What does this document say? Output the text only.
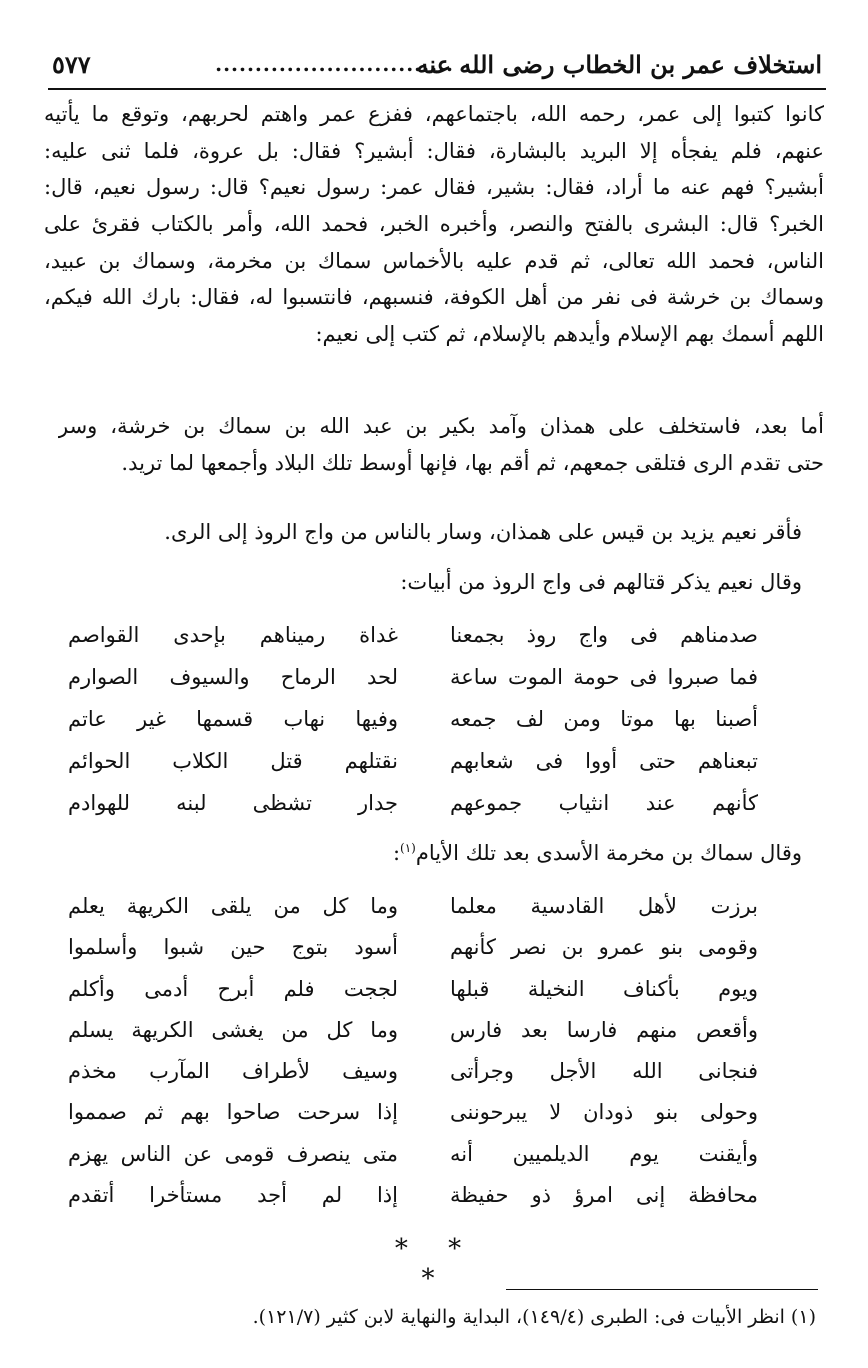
استخلاف عمر بن الخطاب رضى الله عنه
..............................
٥٧٧
كانوا كتبوا إلى عمر، رحمه الله، باجتماعهم، ففزع عمر واهتم لحربهم، وتوقع ما يأتيه
عنهم، فلم يفجأه إلا البريد بالبشارة، فقال: أبشير؟ فقال: بل عروة، فلما ثنى عليه:
أبشير؟ فهم عنه ما أراد، فقال: بشير، فقال عمر: رسول نعيم؟ قال: رسول نعيم، قال:
الخبر؟ قال: البشرى بالفتح والنصر، وأخبره الخبر، فحمد الله، وأمر بالكتاب فقرئ على
الناس، فحمد الله تعالى، ثم قدم عليه بالأخماس سماك بن مخرمة، وسماك بن عبيد،
وسماك بن خرشة فى نفر من أهل الكوفة، فنسبهم، فانتسبوا له، فقال: بارك الله فيكم،
اللهم أسمك بهم الإسلام وأيدهم بالإسلام، ثم كتب إلى نعيم:
أما بعد، فاستخلف على همذان وآمد بكير بن عبد الله بن سماك بن خرشة، وسر
حتى تقدم الرى فتلقى جمعهم، ثم أقم بها، فإنها أوسط تلك البلاد وأجمعها لما تريد.
فأقر نعيم يزيد بن قيس على همذان، وسار بالناس من واج الروذ إلى الرى.
وقال نعيم يذكر قتالهم فى واج الروذ من أبيات:
صدمناهم فى واج روذ بجمعنا
غداة رميناهم بإحدى القواصم
فما صبروا فى حومة الموت ساعة
لحد الرماح والسيوف الصوارم
أصبنا بها موتا ومن لف جمعه
وفيها نهاب قسمها غير عاتم
تبعناهم حتى أووا فى شعابهم
نقتلهم قتل الكلاب الحوائم
كأنهم عند انثياب جموعهم
جدار تشظى لبنه للهوادم
وقال سماك بن مخرمة الأسدى بعد تلك الأيام$^{(١)}$:
برزت لأهل القادسية معلما
وما كل من يلقى الكريهة يعلم
وقومى بنو عمرو بن نصر كأنهم
أسود بتوج حين شبوا وأسلموا
ويوم بأكناف النخيلة قبلها
لججت فلم أبرح أدمى وأكلم
وأقعص منهم فارسا بعد فارس
وما كل من يغشى الكريهة يسلم
فنجانى الله الأجل وجرأتى
وسيف لأطراف المآرب مخذم
وحولى بنو ذودان لا يبرحوننى
إذا سرحت صاحوا بهم ثم صمموا
وأيقنت يوم الديلميين أنه
متى ينصرف قومى عن الناس يهزم
محافظة إنى امرؤ ذو حفيظة
إذا لم أجد مستأخرا أتقدم
* * *
(١) انظر الأبيات فى: الطبرى (١٤٩/٤)، البداية والنهاية لابن كثير (١٢١/٧).
